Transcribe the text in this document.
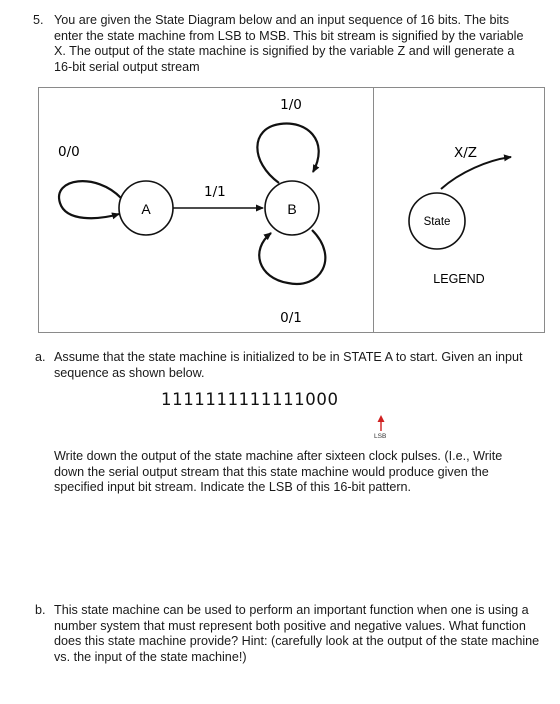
5. You are given the State Diagram below and an input sequence of 16 bits. The bits enter the state machine from LSB to MSB. This bit stream is signified by the variable X. The output of the state machine is signified by the variable Z and will generate a 16-bit serial output stream

A	B
0/0
1/1
1/0
0/1
X/Z
State
LEGEND

a. Assume that the state machine is initialized to be in STATE A to start. Given an input sequence as shown below.

1111111111111000
LSB

Write down the output of the state machine after sixteen clock pulses. (I.e., Write down the serial output stream that this state machine would produce given the specified input bit stream. Indicate the LSB of this 16-bit pattern.

b. This state machine can be used to perform an important function when one is using a number system that must represent both positive and negative values. What function does this state machine provide? Hint: (carefully look at the output of the state machine vs. the input of the state machine!)
